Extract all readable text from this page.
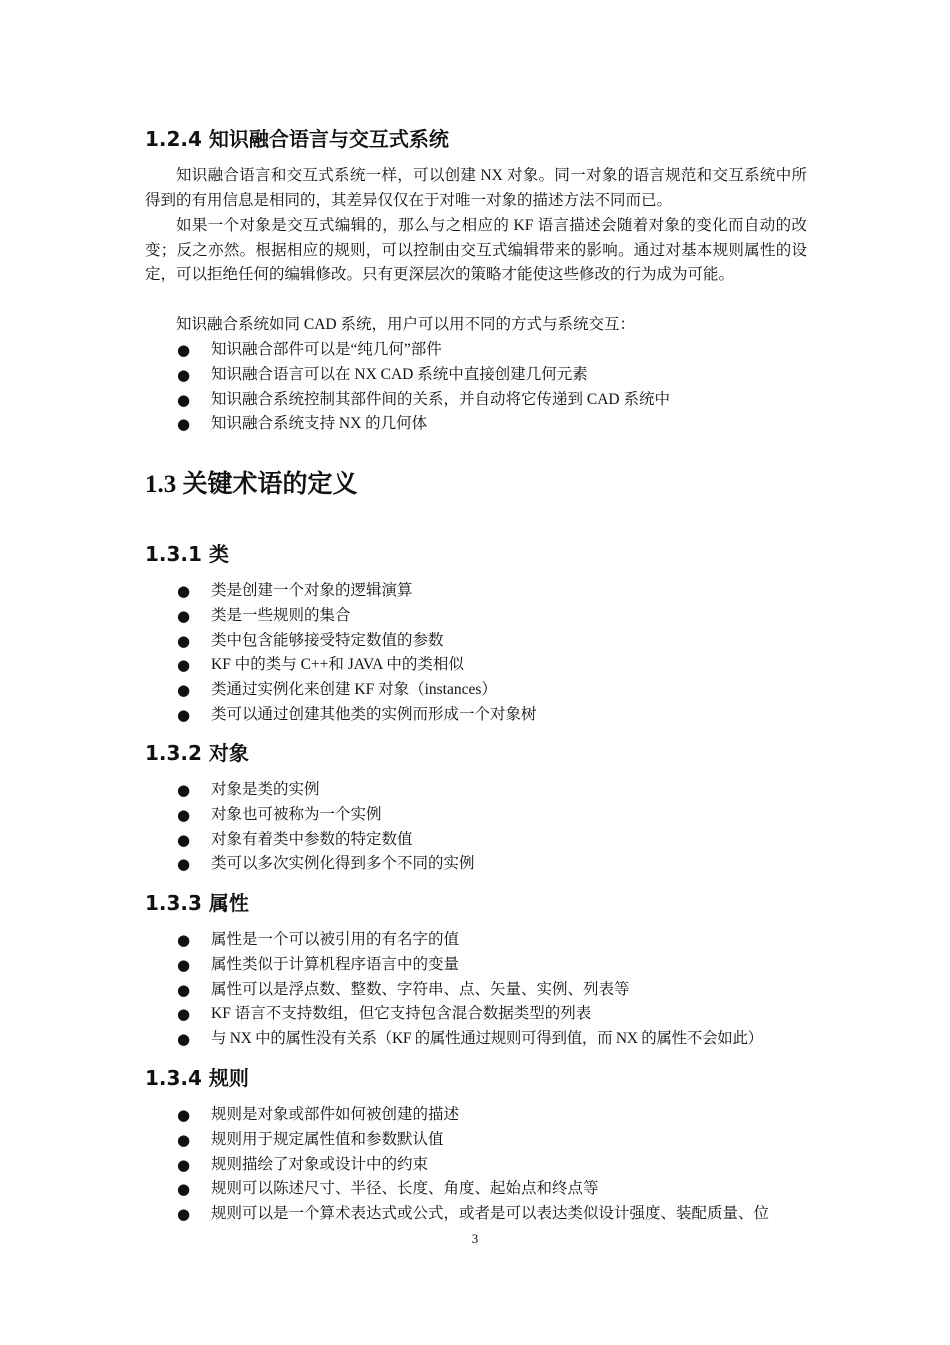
1.2.4 知识融合语言与交互式系统

知识融合语言和交互式系统一样，可以创建 NX 对象。同一对象的语言规范和交互系统中所得到的有用信息是相同的，其差异仅仅在于对唯一对象的描述方法不同而已。

如果一个对象是交互式编辑的，那么与之相应的 KF 语言描述会随着对象的变化而自动的改变；反之亦然。根据相应的规则，可以控制由交互式编辑带来的影响。通过对基本规则属性的设定，可以拒绝任何的编辑修改。只有更深层次的策略才能使这些修改的行为成为可能。

知识融合系统如同 CAD 系统，用户可以用不同的方式与系统交互：

● 知识融合部件可以是“纯几何”部件
● 知识融合语言可以在 NX CAD 系统中直接创建几何元素
● 知识融合系统控制其部件间的关系，并自动将它传递到 CAD 系统中
● 知识融合系统支持 NX 的几何体
1.3 关键术语的定义
1.3.1 类
● 类是创建一个对象的逻辑演算
● 类是一些规则的集合
● 类中包含能够接受特定数值的参数
● KF 中的类与 C++和 JAVA 中的类相似
● 类通过实例化来创建 KF 对象（instances）
● 类可以通过创建其他类的实例而形成一个对象树
1.3.2 对象
● 对象是类的实例
● 对象也可被称为一个实例
● 对象有着类中参数的特定数值
● 类可以多次实例化得到多个不同的实例
1.3.3 属性
● 属性是一个可以被引用的有名字的值
● 属性类似于计算机程序语言中的变量
● 属性可以是浮点数、整数、字符串、点、矢量、实例、列表等
● KF 语言不支持数组，但它支持包含混合数据类型的列表
● 与 NX 中的属性没有关系（KF 的属性通过规则可得到值，而 NX 的属性不会如此）
1.3.4 规则
● 规则是对象或部件如何被创建的描述
● 规则用于规定属性值和参数默认值
● 规则描绘了对象或设计中的约束
● 规则可以陈述尺寸、半径、长度、角度、起始点和终点等
● 规则可以是一个算术表达式或公式，或者是可以表达类似设计强度、装配质量、位
3
